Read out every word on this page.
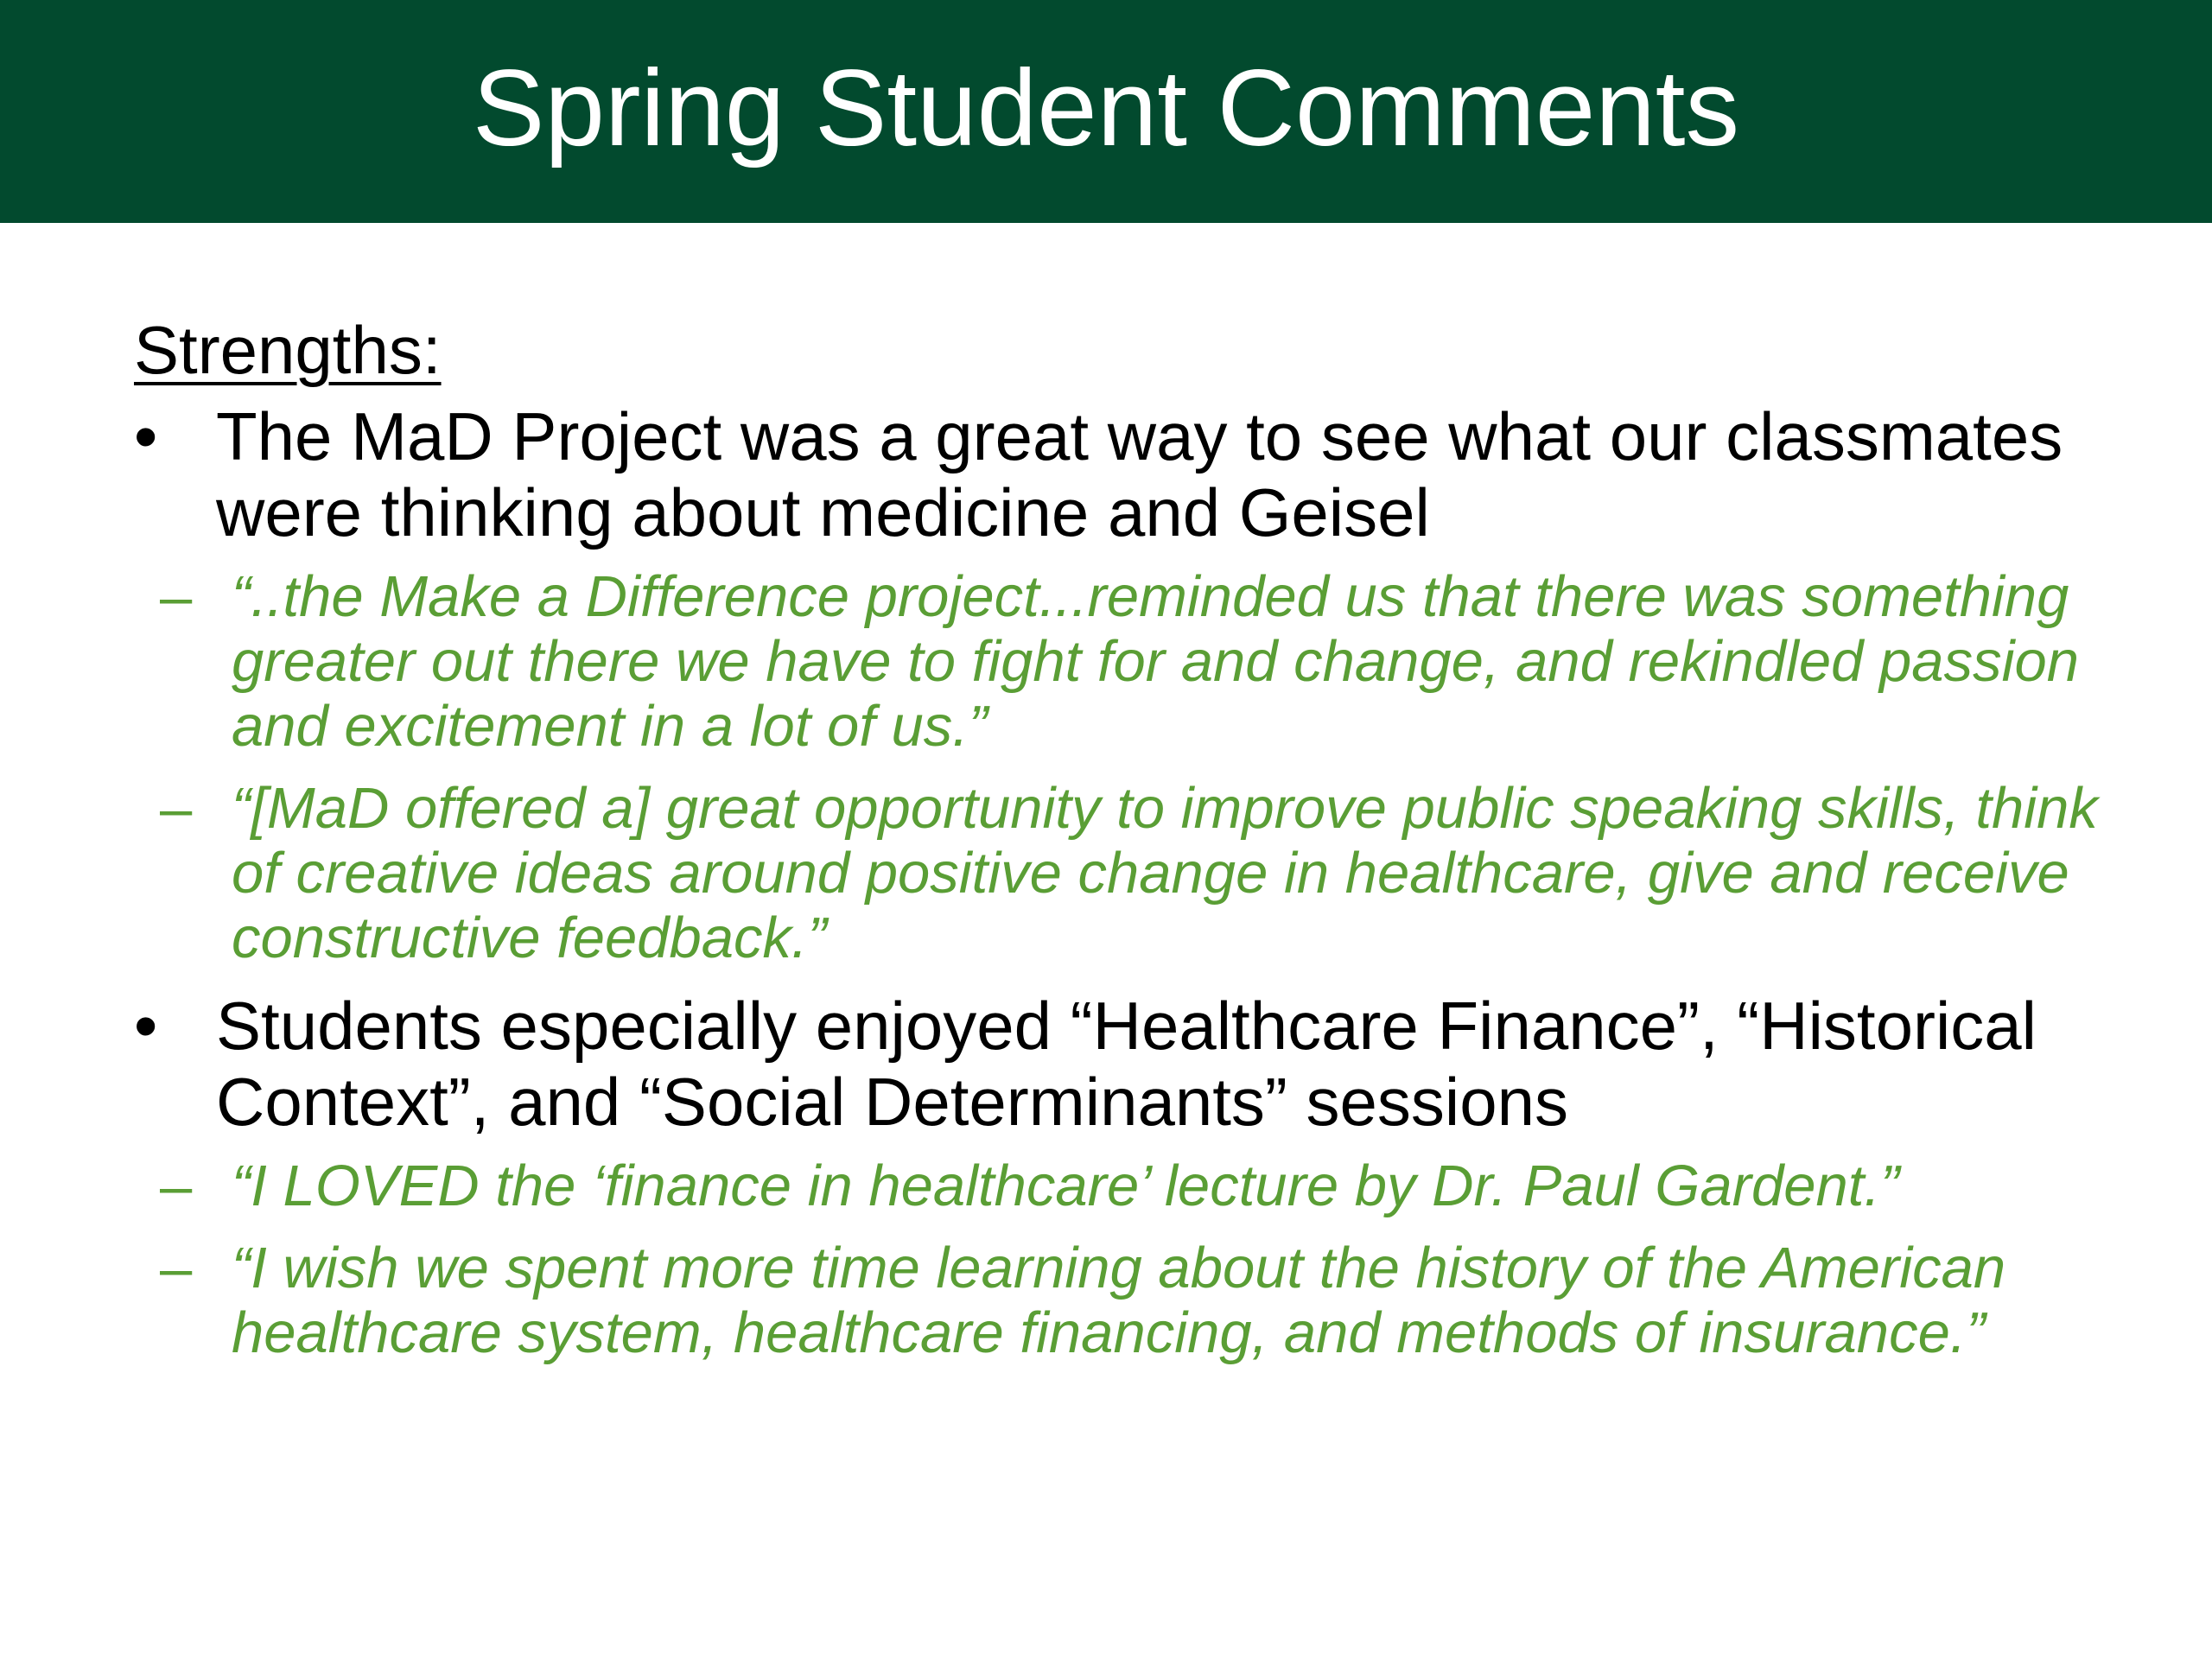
Spring Student Comments
Strengths:
• The MaD Project was a great way to see what our classmates were thinking about medicine and Geisel
– “..the Make a Difference project...reminded us that there was something greater out there we have to fight for and change, and rekindled passion and excitement in a lot of us.”
– “[MaD offered a] great opportunity to improve public speaking skills, think of creative ideas around positive change in healthcare, give and receive constructive feedback.”
• Students especially enjoyed “Healthcare Finance”, “Historical Context”, and “Social Determinants” sessions
– “I LOVED the ‘finance in healthcare’ lecture by Dr. Paul Gardent.”
– “I wish we spent more time learning about the history of the American healthcare system, healthcare financing, and methods of insurance.”
